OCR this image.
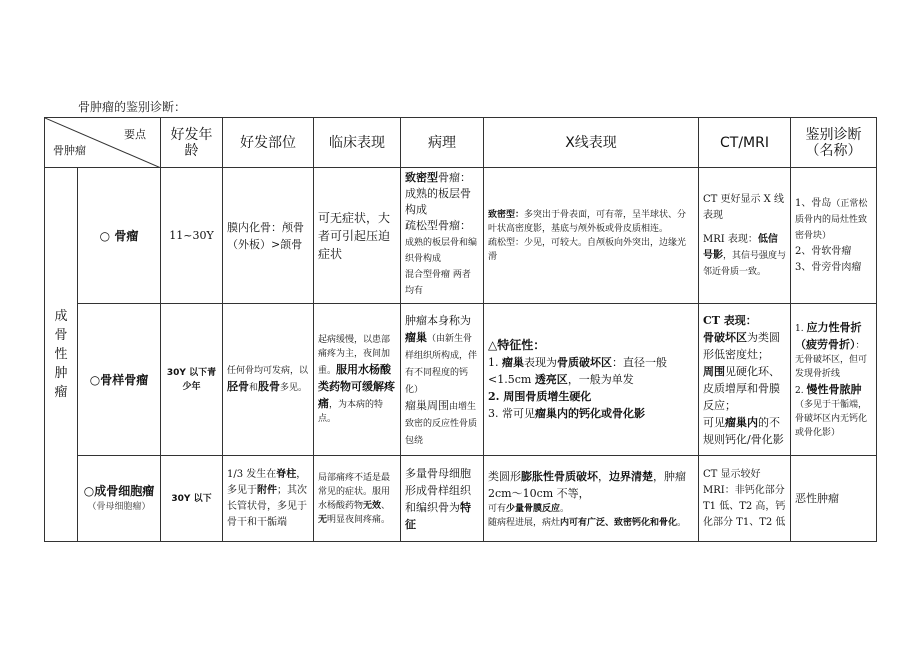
骨肿瘤的鉴别诊断：
要点
骨肿瘤		好发年龄	好发部位	临床表现	病理	X线表现	CT/MRI	鉴别诊断（名称）
成骨性肿瘤	○ 骨瘤	11~30Y	膜内化骨：颅骨（外板）>颌骨	可无症状，大者可引起压迫症状	致密型骨瘤：成熟的板层骨构成
疏松型骨瘤：成熟的板层骨和编织骨构成
混合型骨瘤 两者均有	致密型：多突出于骨表面，可有蒂，呈半球状、分叶状高密度影，基底与颅外板或骨皮质相连。
疏松型：少见，可较大。自颅板向外突出，边缘光滑	CT 更好显示 X 线表现
MRI 表现：低信号影，其信号强度与邻近骨质一致。	1、骨岛（正常松质骨内的局灶性致密骨块）
2、骨软骨瘤
3、骨旁骨肉瘤
	○骨样骨瘤	30Y 以下青少年	任何骨均可发病，以胫骨和股骨多见。	起病缓慢，以患部痛疼为主，夜间加重。服用水杨酸类药物可缓解疼痛，为本病的特点。	肿瘤本身称为瘤巢（由新生骨样组织所构成，伴有不同程度的钙化）
瘤巢周围由增生致密的反应性骨质包绕	△特征性：
1. 瘤巢表现为骨质破坏区：直径一般<1.5cm 透亮区，一般为单发
2. 周围骨质增生硬化
3. 常可见瘤巢内的钙化或骨化影	CT 表现：
骨破坏区为类圆形低密度灶；
周围见硬化环、皮质增厚和骨膜反应；
可见瘤巢内的不规则钙化/骨化影	1. 应力性骨折（疲劳骨折）：无骨破坏区，但可发现骨折线
2. 慢性骨脓肿（多见于干骺端，骨破坏区内无钙化或骨化影）
	○成骨细胞瘤
（骨母细胞瘤）	30Y 以下	1/3 发生在脊柱，多见于附件；其次长管状骨，多见于骨干和干骺端	局部痛疼不适是最常见的症状。服用水杨酸药物无效、无明显夜间疼痛。	多量骨母细胞形成骨样组织和编织骨为特征	类圆形膨胀性骨质破坏，边界清楚，肿瘤 2cm～10cm 不等，
可有少量骨膜反应。
随病程进展，病灶内可有广泛、致密钙化和骨化。	CT 显示较好
MRI：非钙化部分 T1 低、T2 高，钙化部分 T1、T2 低	恶性肿瘤
